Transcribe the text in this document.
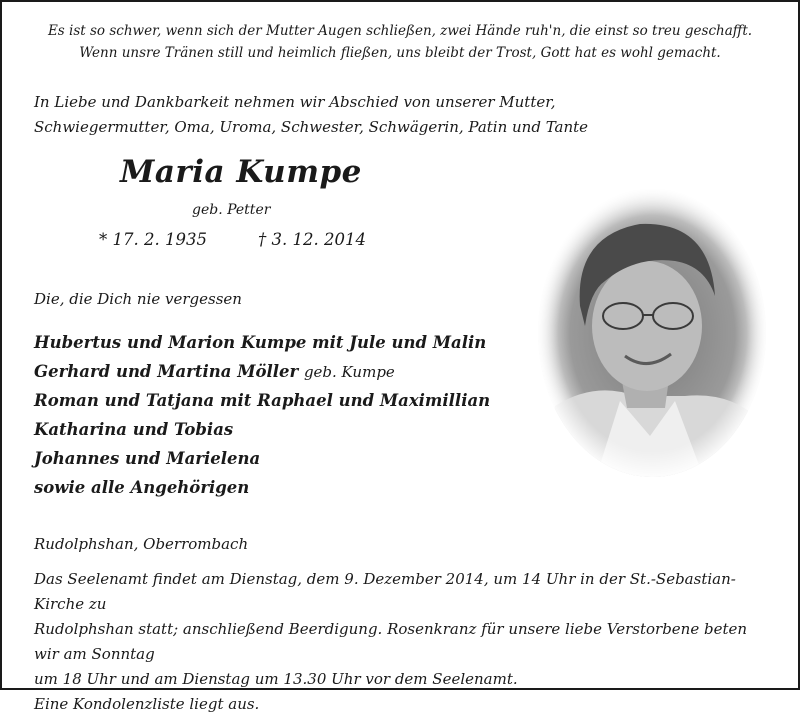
Es ist so schwer, wenn sich der Mutter Augen schließen, zwei Hände ruh'n, die einst so treu geschafft.
Wenn unsre Tränen still und heimlich fließen, uns bleibt der Trost, Gott hat es wohl gemacht.
In Liebe und Dankbarkeit nehmen wir Abschied von unserer Mutter,
Schwiegermutter, Oma, Uroma, Schwester, Schwägerin, Patin und Tante
Maria Kumpe
geb. Petter
* 17. 2. 1935	† 3. 12. 2014
Die, die Dich nie vergessen
Hubertus und Marion Kumpe mit Jule und Malin
Gerhard und Martina Möller geb. Kumpe
Roman und Tatjana mit Raphael und Maximillian
Katharina und Tobias
Johannes und Marielena
sowie alle Angehörigen
Rudolphshan, Oberrombach

Das Seelenamt findet am Dienstag, dem 9. Dezember 2014, um 14 Uhr in der St.-Sebastian-Kirche zu

Rudolphshan statt; anschließend Beerdigung. Rosenkranz für unsere liebe Verstorbene beten wir am Sonntag

um 18 Uhr und am Dienstag um 13.30 Uhr vor dem Seelenamt.

Eine Kondolenzliste liegt aus.
